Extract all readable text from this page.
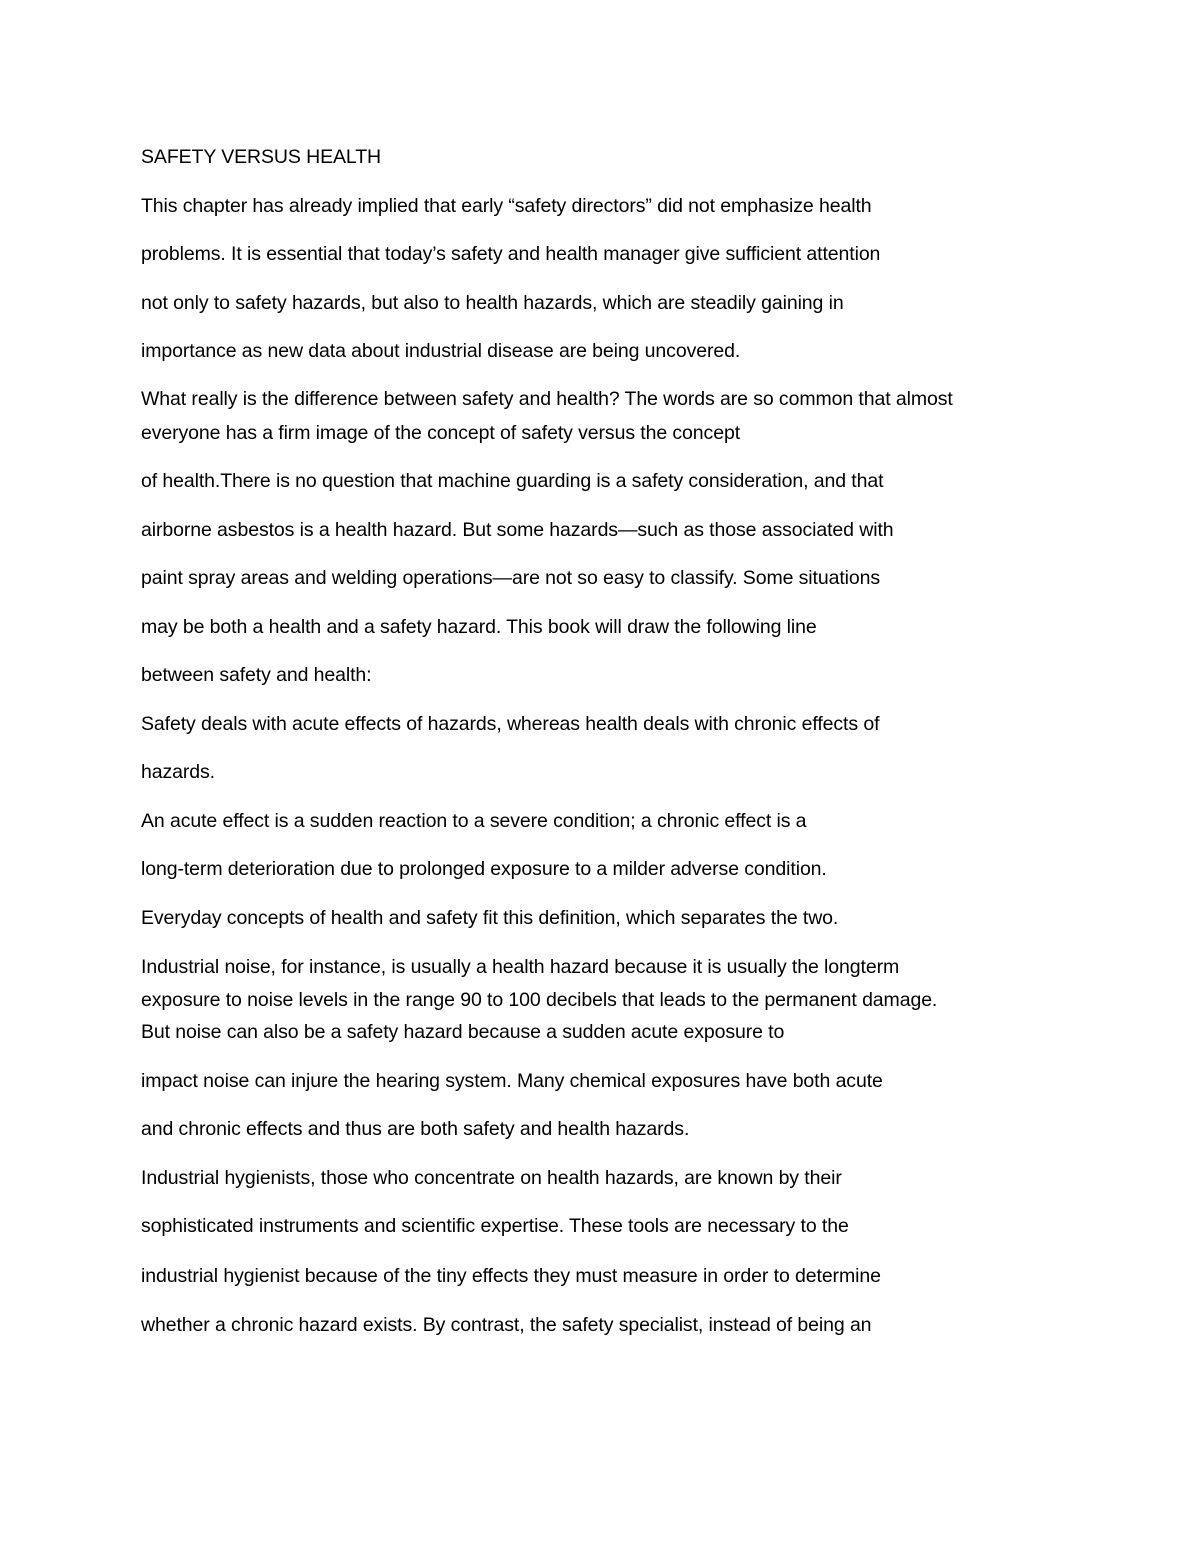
SAFETY VERSUS HEALTH
This chapter has already implied that early “safety directors” did not emphasize health
problems. It is essential that today’s safety and health manager give sufficient attention
not only to safety hazards, but also to health hazards, which are steadily gaining in
importance as new data about industrial disease are being uncovered.
What really is the difference between safety and health? The words are so common that almost
everyone has a firm image of the concept of safety versus the concept
of health.There is no question that machine guarding is a safety consideration, and that
airborne asbestos is a health hazard. But some hazards—such as those associated with
paint spray areas and welding operations—are not so easy to classify. Some situations
may be both a health and a safety hazard. This book will draw the following line
between safety and health:
Safety deals with acute effects of hazards, whereas health deals with chronic effects of
hazards.
An acute effect is a sudden reaction to a severe condition; a chronic effect is a
long-term deterioration due to prolonged exposure to a milder adverse condition.
Everyday concepts of health and safety fit this definition, which separates the two.
Industrial noise, for instance, is usually a health hazard because it is usually the longterm
exposure to noise levels in the range 90 to 100 decibels that leads to the permanent damage.
But noise can also be a safety hazard because a sudden acute exposure to
impact noise can injure the hearing system. Many chemical exposures have both acute
and chronic effects and thus are both safety and health hazards.
Industrial hygienists, those who concentrate on health hazards, are known by their
sophisticated instruments and scientific expertise. These tools are necessary to the
industrial hygienist because of the tiny effects they must measure in order to determine
whether a chronic hazard exists. By contrast, the safety specialist, instead of being an
